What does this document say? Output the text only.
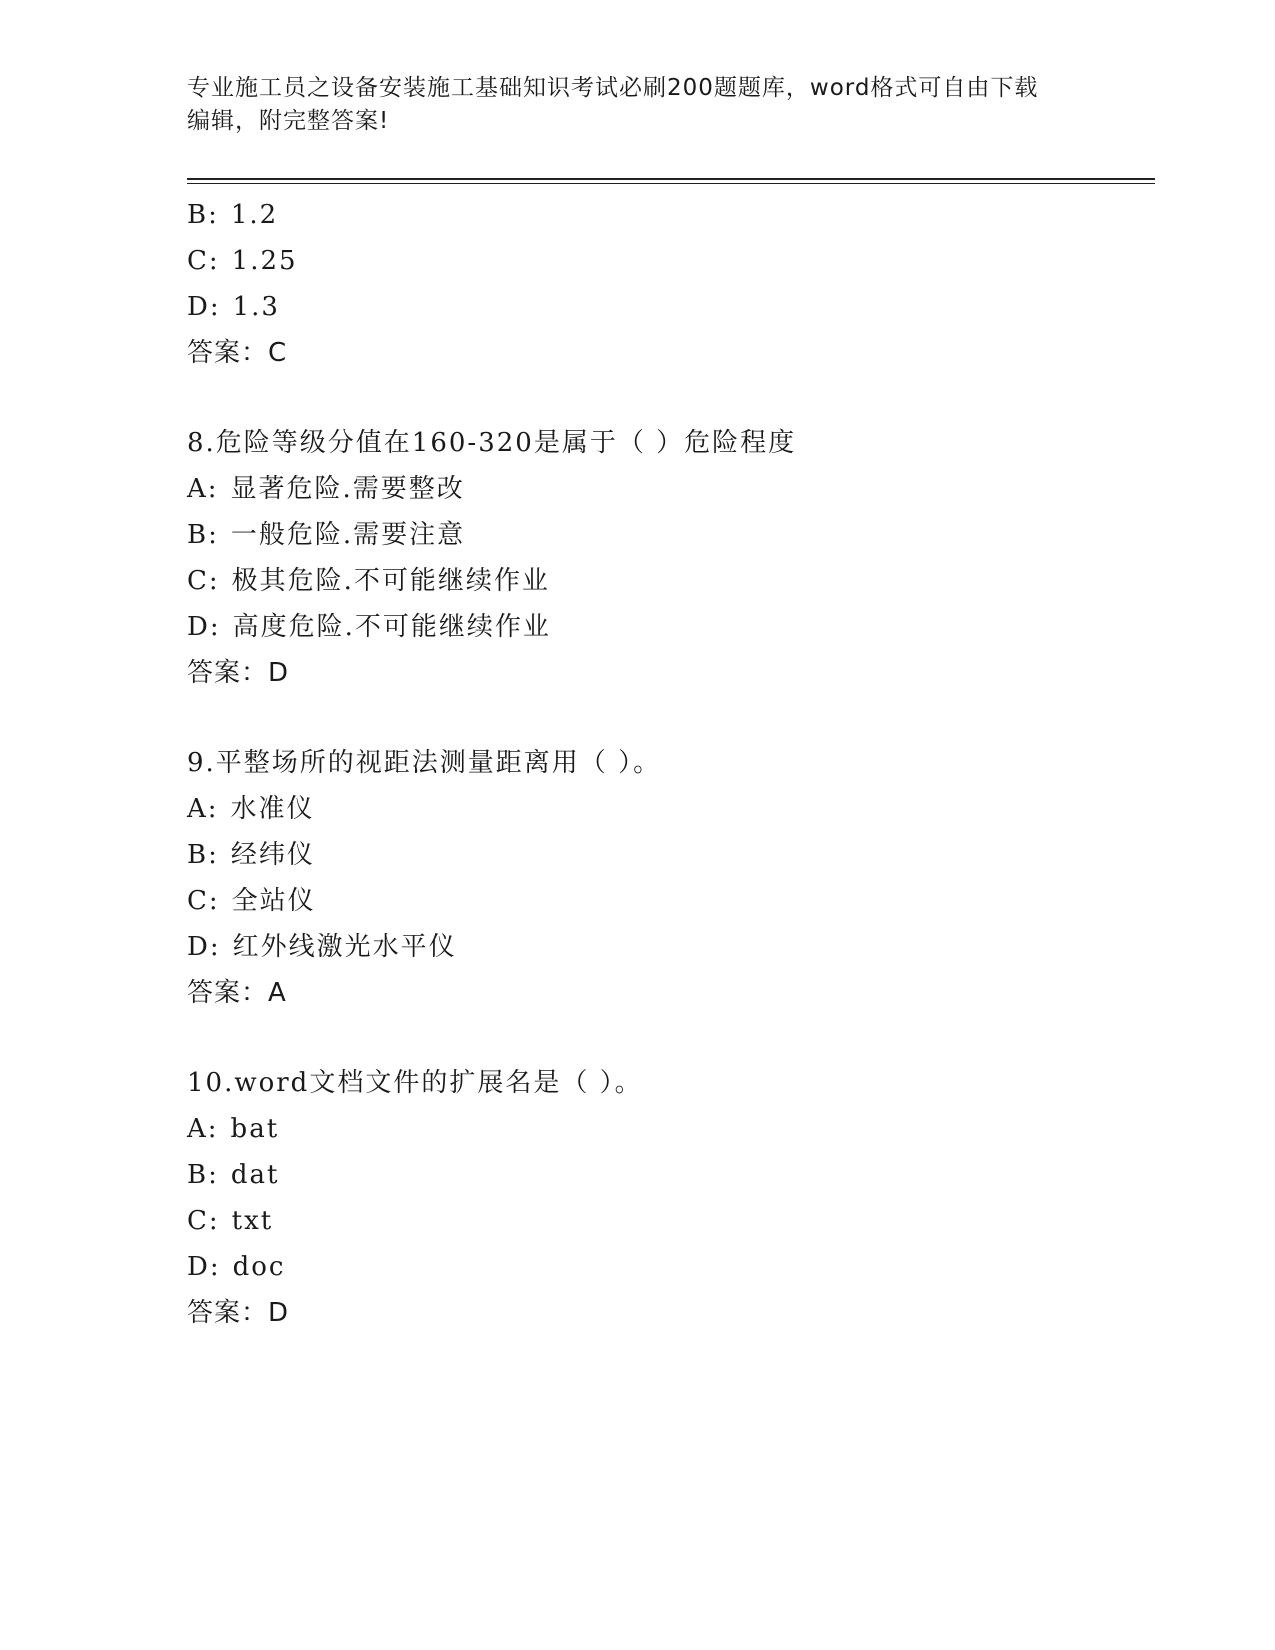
专业施工员之设备安装施工基础知识考试必刷200题题库，word格式可自由下载
编辑，附完整答案!
B: 1.2
C: 1.25
D: 1.3
答案：C
8.危险等级分值在160-320是属于（ ）危险程度
A: 显著危险.需要整改
B: 一般危险.需要注意
C: 极其危险.不可能继续作业
D: 高度危险.不可能继续作业
答案：D
9.平整场所的视距法测量距离用（ ）。
A: 水准仪
B: 经纬仪
C: 全站仪
D: 红外线激光水平仪
答案：A
10.word文档文件的扩展名是（ ）。
A: bat
B: dat
C: txt
D: doc
答案：D
